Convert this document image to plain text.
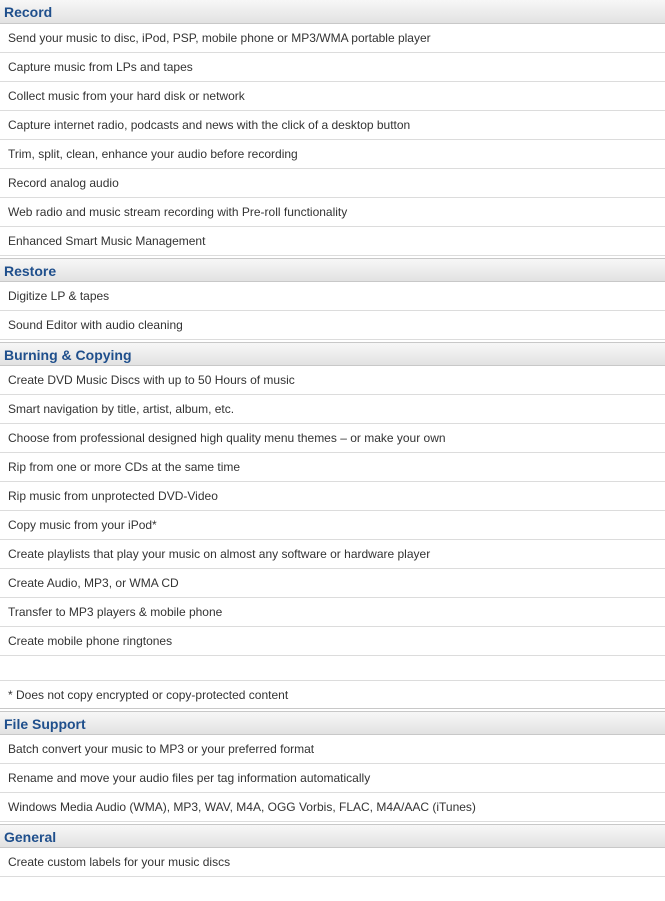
Record
Send your music to disc, iPod, PSP, mobile phone or MP3/WMA portable player
Capture music from LPs and tapes
Collect music from your hard disk or network
Capture internet radio, podcasts and news with the click of a desktop button
Trim, split, clean, enhance your audio before recording
Record analog audio
Web radio and music stream recording with Pre-roll functionality
Enhanced Smart Music Management
Restore
Digitize LP & tapes
Sound Editor with audio cleaning
Burning & Copying
Create DVD Music Discs with up to 50 Hours of music
Smart navigation by title, artist, album, etc.
Choose from professional designed high quality menu themes – or make your own
Rip from one or more CDs at the same time
Rip music from unprotected DVD-Video
Copy music from your iPod*
Create playlists that play your music on almost any software or hardware player
Create Audio, MP3, or WMA CD
Transfer to MP3 players & mobile phone
Create mobile phone ringtones
* Does not copy encrypted or copy-protected content
File Support
Batch convert your music to MP3 or your preferred format
Rename and move your audio files per tag information automatically
Windows Media Audio (WMA), MP3, WAV, M4A, OGG Vorbis, FLAC, M4A/AAC (iTunes)
General
Create custom labels for your music discs
